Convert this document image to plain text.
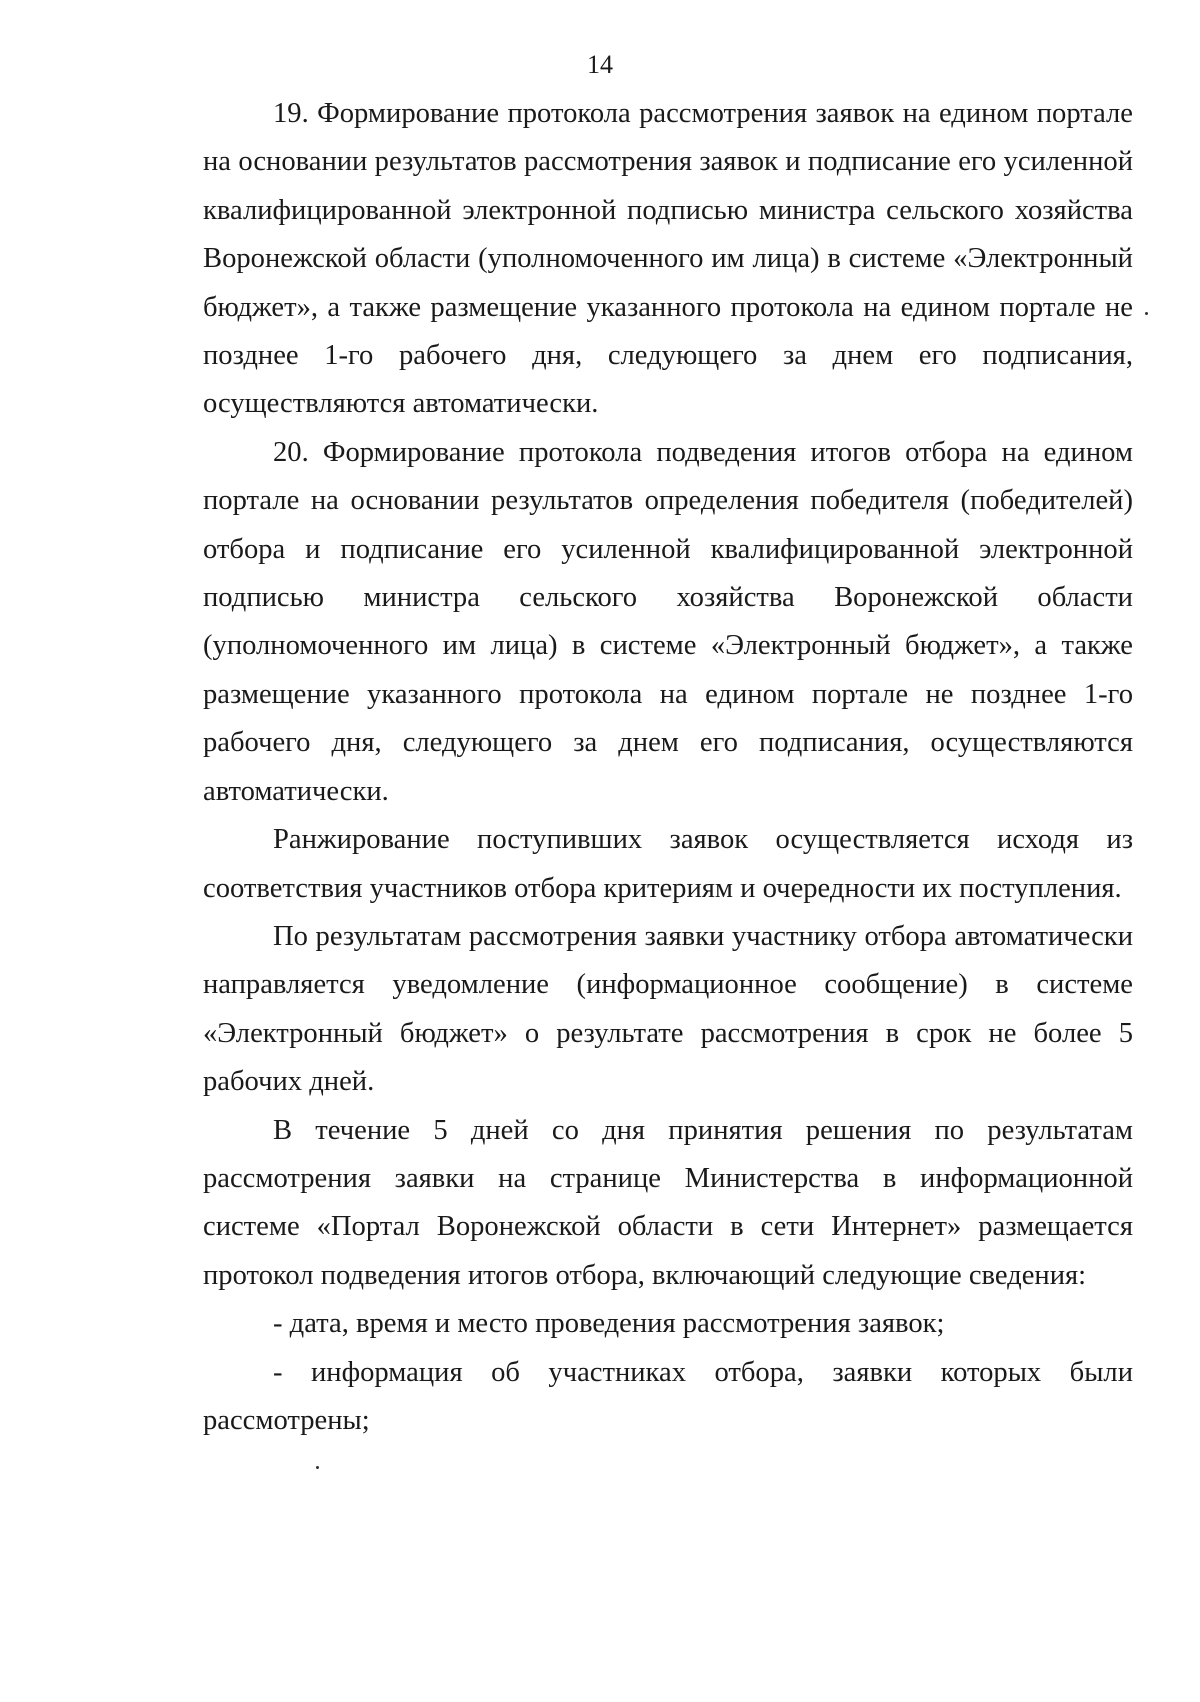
14

19. Формирование протокола рассмотрения заявок на едином портале на основании результатов рассмотрения заявок и подписание его усиленной квалифицированной электронной подписью министра сельского хозяйства Воронежской области (уполномоченного им лица) в системе «Электронный бюджет», а также размещение указанного протокола на едином портале не позднее 1-го рабочего дня, следующего за днем его подписания, осуществляются автоматически.

20. Формирование протокола подведения итогов отбора на едином портале на основании результатов определения победителя (победителей) отбора и подписание его усиленной квалифицированной электронной подписью министра сельского хозяйства Воронежской области (уполномоченного им лица) в системе «Электронный бюджет», а также размещение указанного протокола на едином портале не позднее 1-го рабочего дня, следующего за днем его подписания, осуществляются автоматически.

Ранжирование поступивших заявок осуществляется исходя из соответствия участников отбора критериям и очередности их поступления.

По результатам рассмотрения заявки участнику отбора автоматически направляется уведомление (информационное сообщение) в системе «Электронный бюджет» о результате рассмотрения в срок не более 5 рабочих дней.

В течение 5 дней со дня принятия решения по результатам рассмотрения заявки на странице Министерства в информационной системе «Портал Воронежской области в сети Интернет» размещается протокол подведения итогов отбора, включающий следующие сведения:

- дата, время и место проведения рассмотрения заявок;

- информация об участниках отбора, заявки которых были рассмотрены;
